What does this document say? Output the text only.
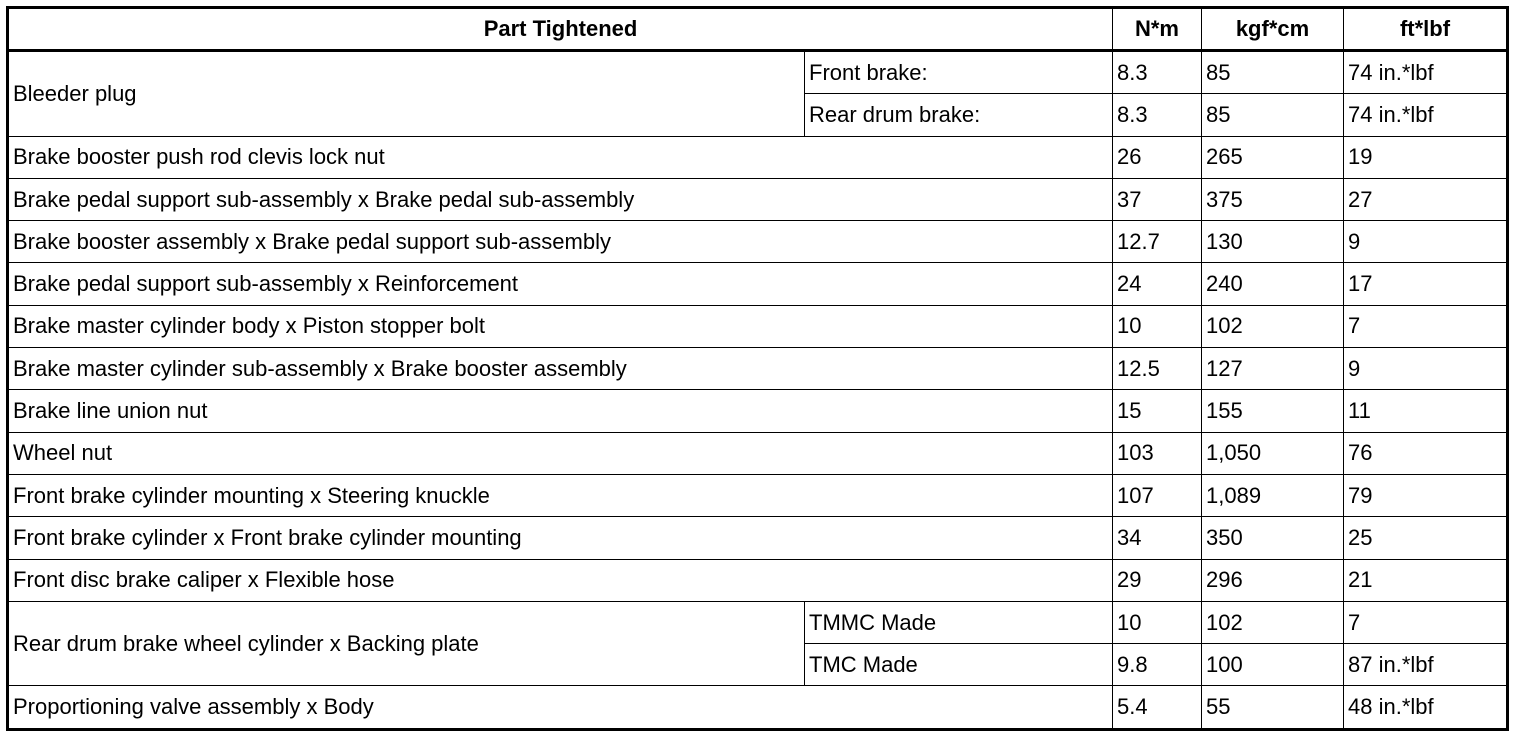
Part Tightened		N*m	kgf*cm	ft*lbf
Bleeder plug	Front brake:	8.3	85	74 in.*lbf
	Rear drum brake:	8.3	85	74 in.*lbf
Brake booster push rod clevis lock nut		26	265	19
Brake pedal support sub-assembly x Brake pedal sub-assembly		37	375	27
Brake booster assembly x Brake pedal support sub-assembly		12.7	130	9
Brake pedal support sub-assembly x Reinforcement		24	240	17
Brake master cylinder body x Piston stopper bolt		10	102	7
Brake master cylinder sub-assembly x Brake booster assembly		12.5	127	9
Brake line union nut		15	155	11
Wheel nut		103	1,050	76
Front brake cylinder mounting x Steering knuckle		107	1,089	79
Front brake cylinder x Front brake cylinder mounting		34	350	25
Front disc brake caliper x Flexible hose		29	296	21
Rear drum brake wheel cylinder x Backing plate	TMMC Made	10	102	7
	TMC Made	9.8	100	87 in.*lbf
Proportioning valve assembly x Body		5.4	55	48 in.*lbf
